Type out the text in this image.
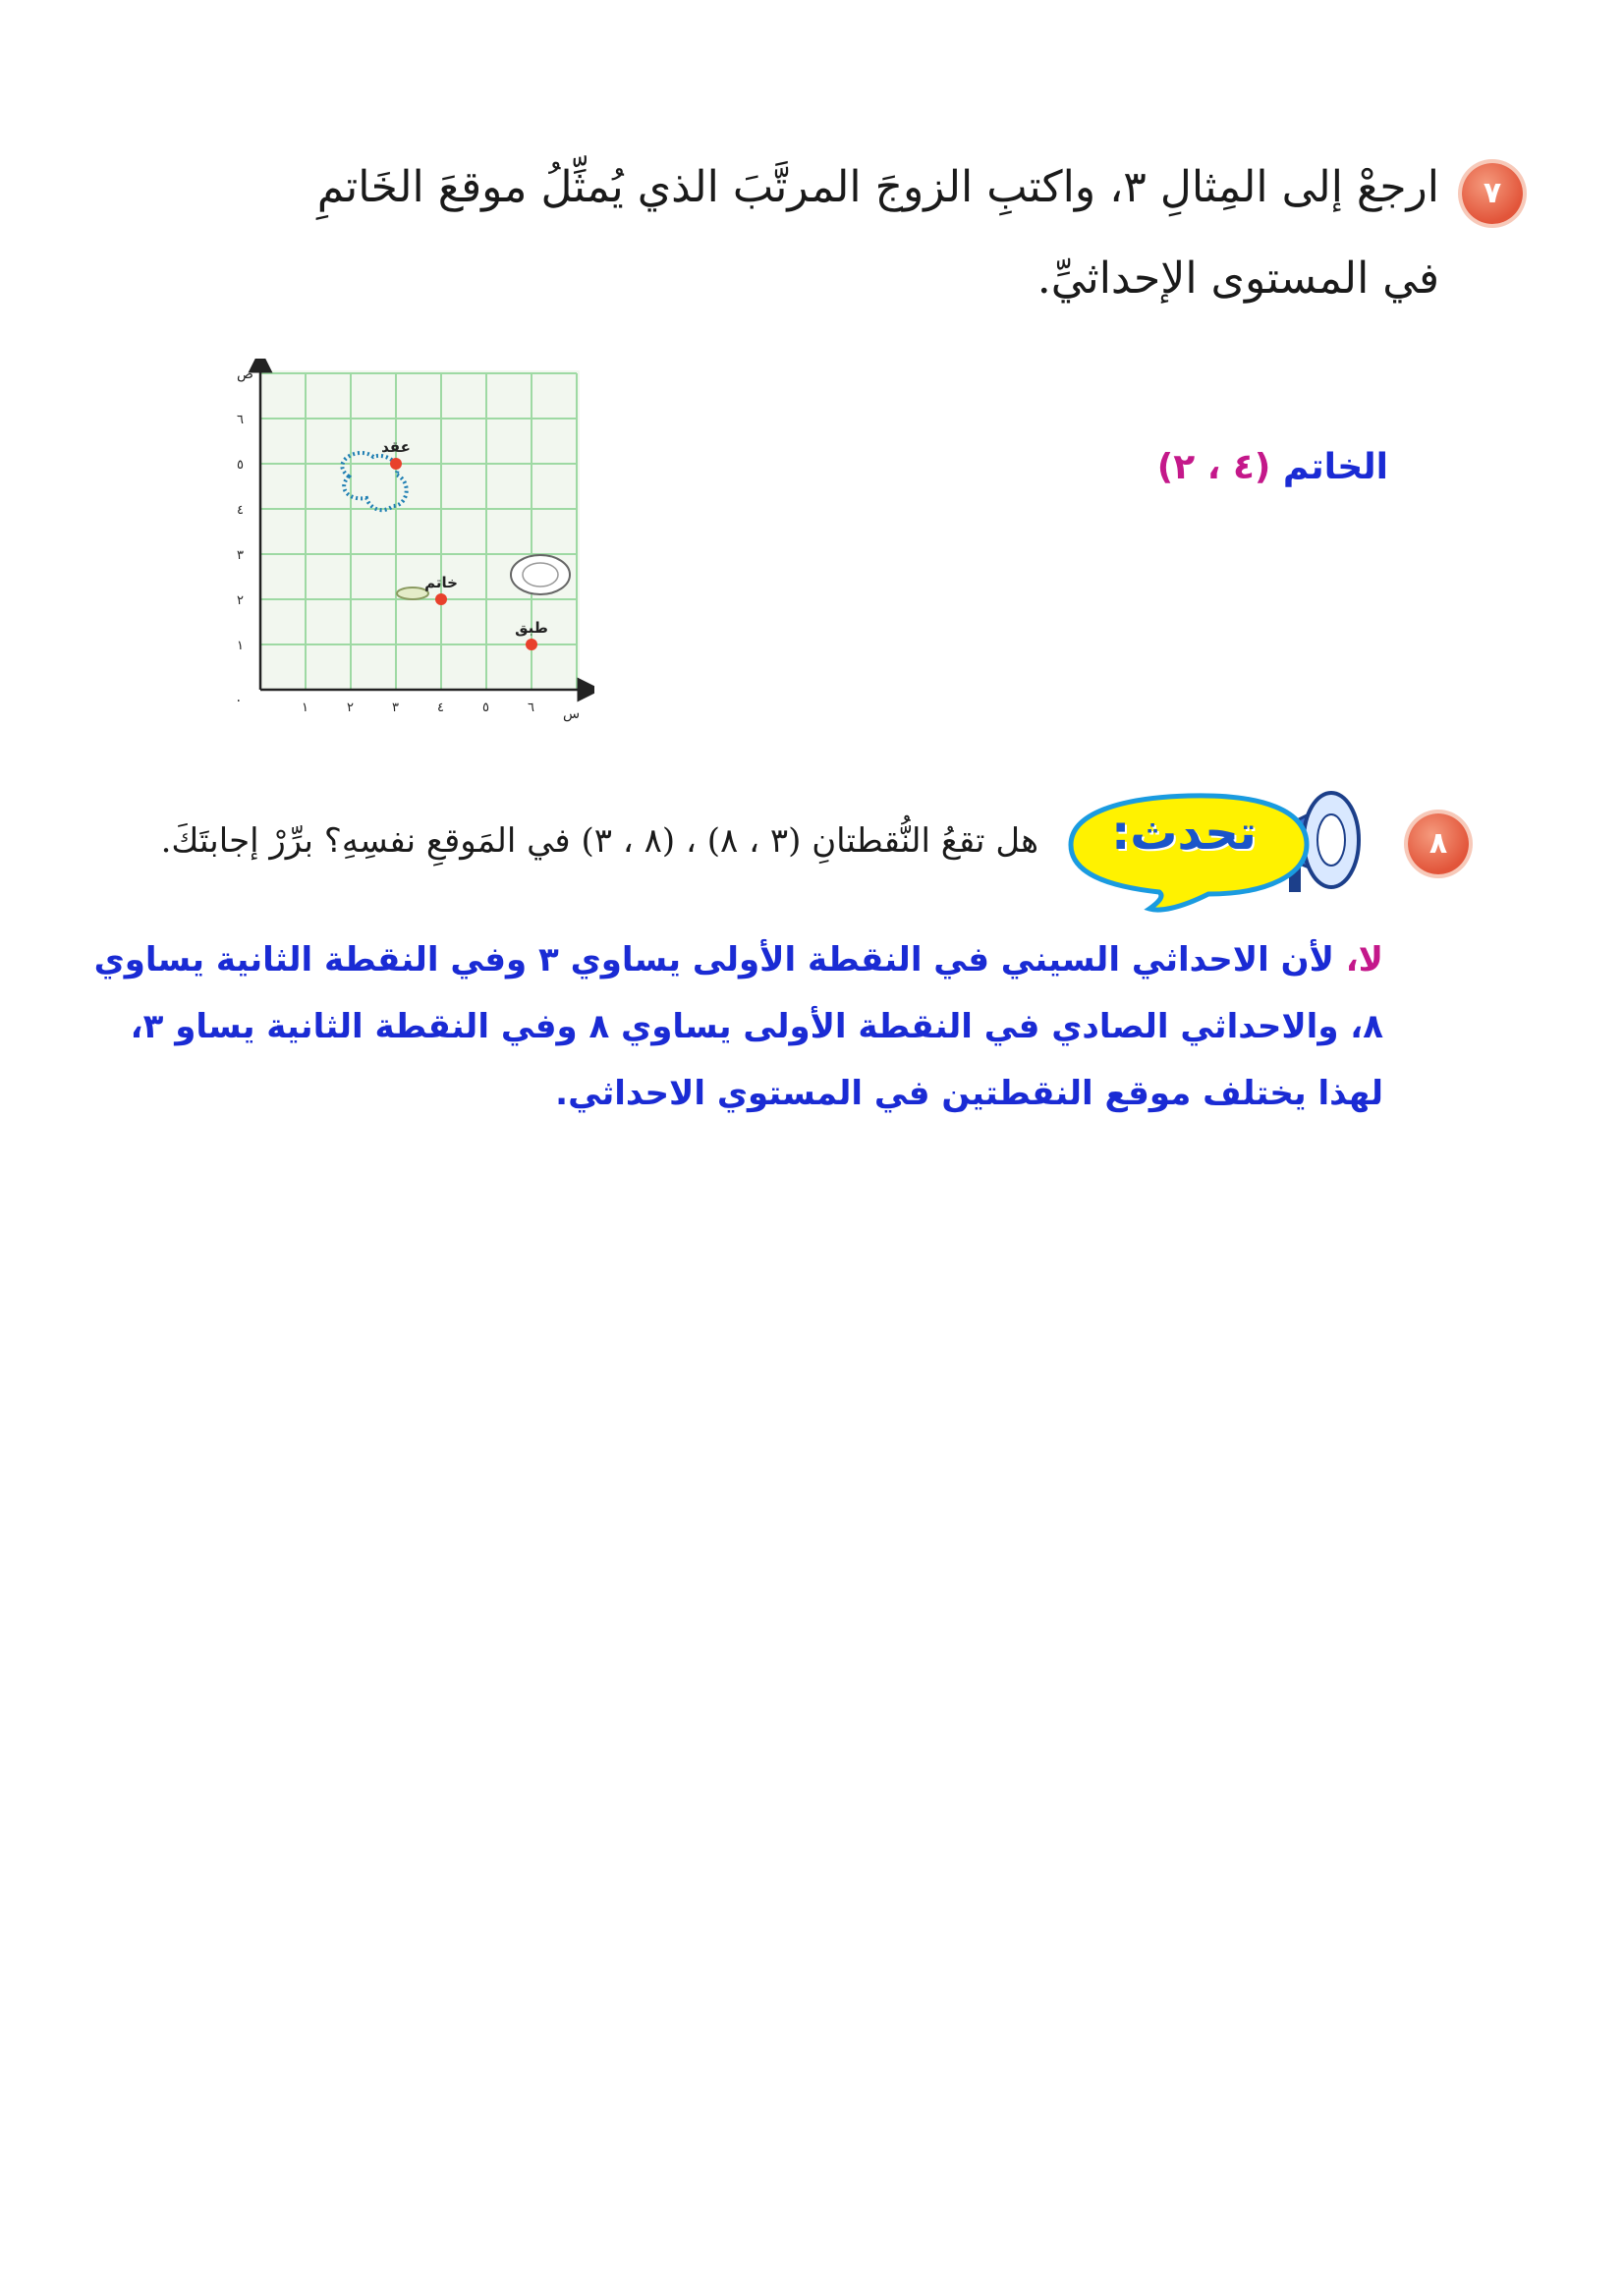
٧
ارجعْ إلى المِثالِ ٣، واكتبِ الزوجَ المرتَّبَ الذي يُمثِّلُ موقعَ الخَاتمِ
في المستوى الإحداثيِّ.
الخاتم (٤ ، ٢)
ص
س
٠	١	٢	٣	٤	٥	٦
١
٢
٣
٤
٥
٦
عقد
خاتم
طبق
٨
تحدث:
هل تقعُ النُّقطتانِ (٣ ، ٨) ، (٨ ، ٣) في المَوقعِ نفسِهِ؟ برِّرْ إجابتَكَ.
لا، لأن الاحداثي السيني في النقطة الأولى يساوي ٣ وفي النقطة الثانية يساوي
٨، والاحداثي الصادي في النقطة الأولى يساوي ٨ وفي النقطة الثانية يساو ٣،
لهذا يختلف موقع النقطتين في المستوي الاحداثي.
